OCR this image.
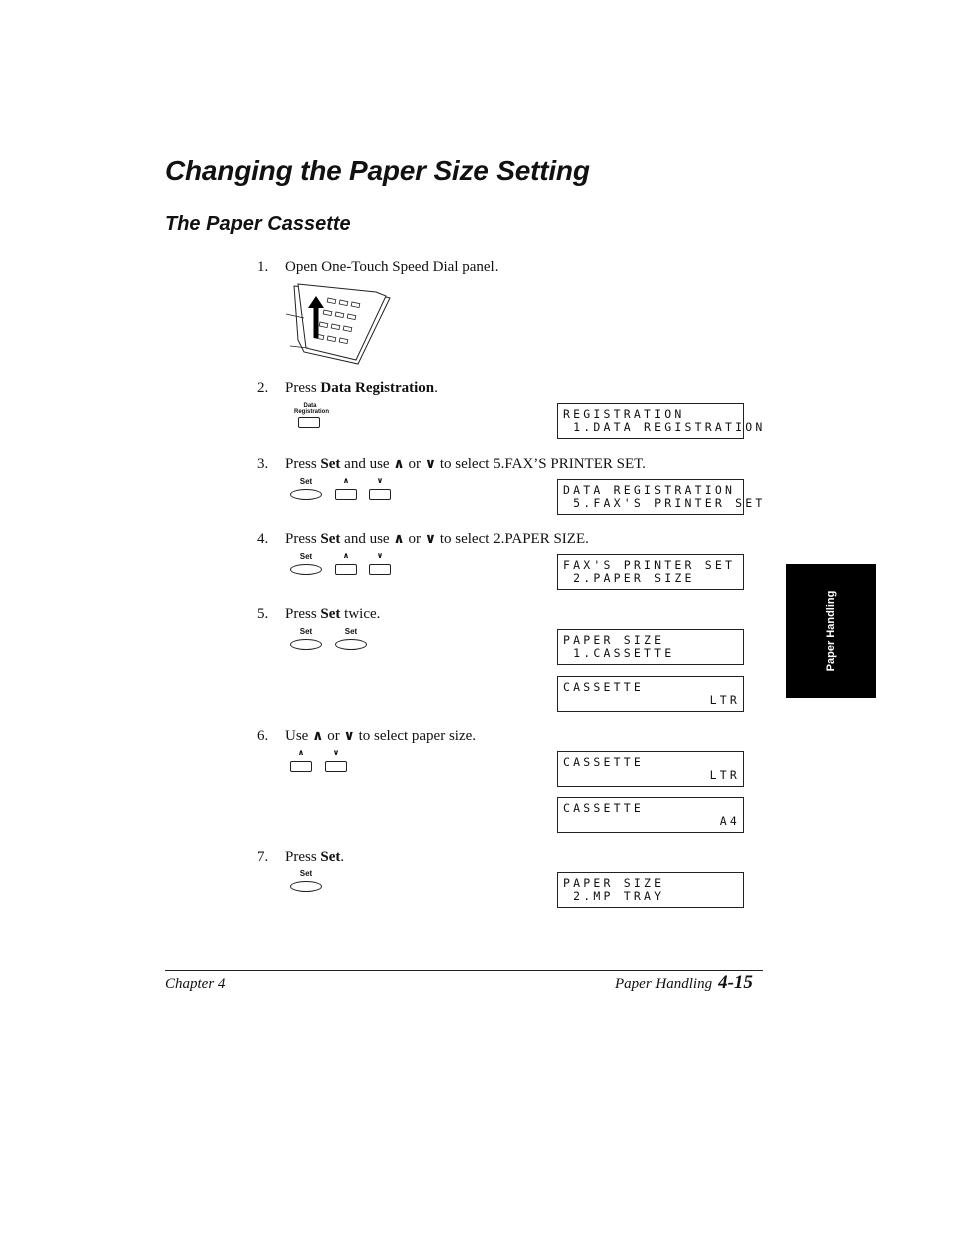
Changing the Paper Size Setting
The Paper Cassette
1. Open One-Touch Speed Dial panel.
2. Press Data Registration.
Data
Registration	REGISTRATION
1.DATA REGISTRATION
3. Press Set and use ∧ or ∨ to select 5.FAX’S PRINTER SET.
Set	∧	∨
DATA REGISTRATION
5.FAX'S PRINTER SET
4. Press Set and use ∧ or ∨ to select 2.PAPER SIZE.
Set	∧	∨
FAX'S PRINTER SET
2.PAPER SIZE
5. Press Set twice.
Set	Set
PAPER SIZE
1.CASSETTE
CASSETTE
LTR
6. Use ∧ or ∨ to select paper size.
∧	∨
CASSETTE
LTR
CASSETTE
A4
7. Press Set.
Set
PAPER SIZE
2.MP TRAY
Paper Handling
Chapter 4	Paper Handling 4-15
